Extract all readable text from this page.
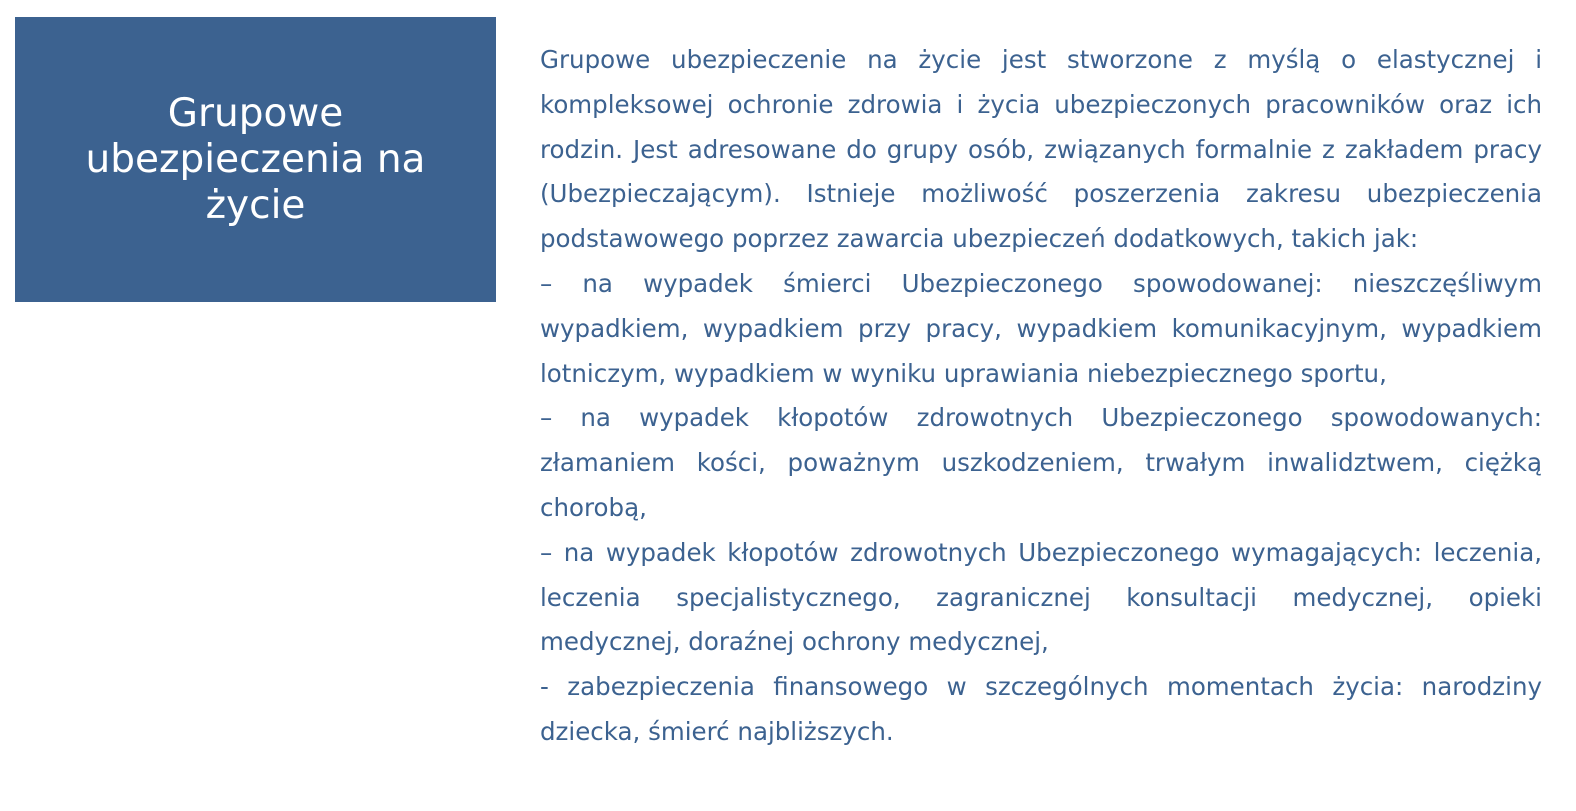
Grupowe ubezpieczenia na życie

Grupowe ubezpieczenie na życie jest stworzone z myślą o elastycznej i kompleksowej ochronie zdrowia i życia ubezpieczonych pracowników oraz ich rodzin. Jest adresowane do grupy osób, związanych formalnie z zakładem pracy (Ubezpieczającym). Istnieje możliwość poszerzenia zakresu ubezpieczenia podstawowego poprzez zawarcia ubezpieczeń dodatkowych, takich jak:

– na wypadek śmierci Ubezpieczonego spowodowanej: nieszczęśliwym wypadkiem, wypadkiem przy pracy, wypadkiem komunikacyjnym, wypadkiem lotniczym, wypadkiem w wyniku uprawiania niebezpiecznego sportu,

– na wypadek kłopotów zdrowotnych Ubezpieczonego spowodowanych: złamaniem kości, poważnym uszkodzeniem, trwałym inwalidztwem, ciężką chorobą,

– na wypadek kłopotów zdrowotnych Ubezpieczonego wymagających: leczenia, leczenia specjalistycznego, zagranicznej konsultacji medycznej, opieki medycznej, doraźnej ochrony medycznej,

- zabezpieczenia finansowego w szczególnych momentach życia: narodziny dziecka, śmierć najbliższych.
